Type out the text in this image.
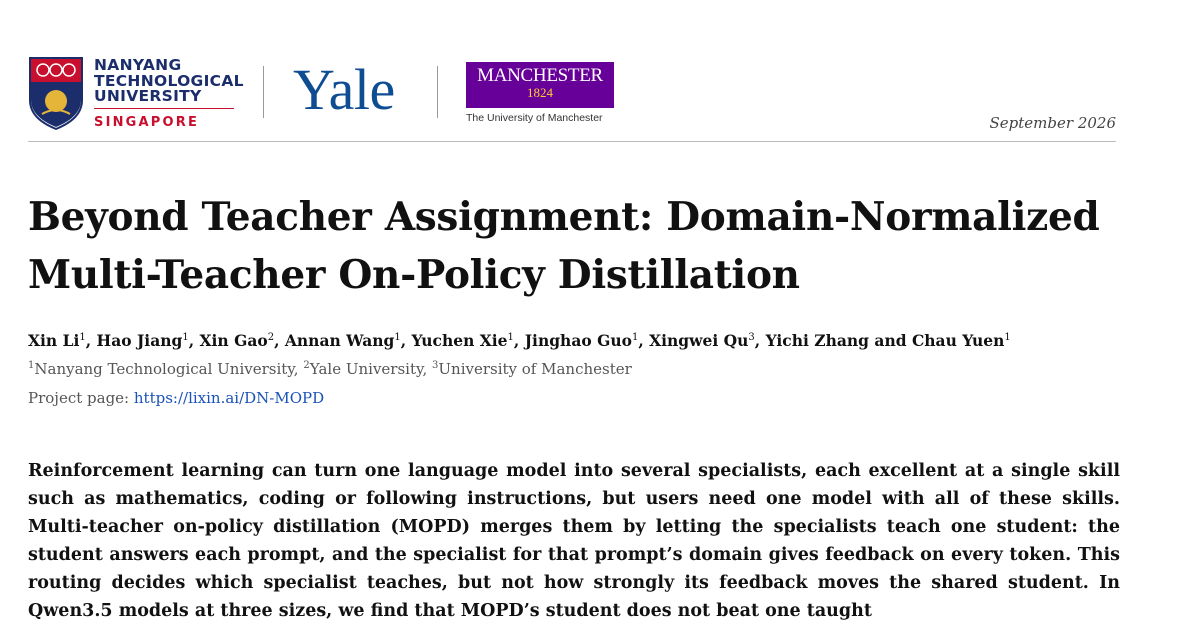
NANYANG
TECHNOLOGICAL
UNIVERSITY
SINGAPORE	Yale	MANCHESTER
1824
The University of Manchester	September 2026
Beyond Teacher Assignment: Domain-Normalized
Multi-Teacher On-Policy Distillation
Xin Li$^1$, Hao Jiang$^1$, Xin Gao$^2$, Annan Wang$^1$, Yuchen Xie$^1$, Jinghao Guo$^1$, Xingwei Qu$^3$, Yichi Zhang and Chau Yuen$^1$
$^1$Nanyang Technological University, $^2$Yale University, $^3$University of Manchester
Project page: https://lixin.ai/DN-MOPD
Reinforcement learning can turn one language model into several specialists, each excellent at a single skill such as mathematics, coding or following instructions, but users need one model with all of these skills. Multi-teacher on-policy distillation (MOPD) merges them by letting the specialists teach one student: the student answers each prompt, and the specialist for that prompt’s domain gives feedback on every token. This routing decides which specialist teaches, but not how strongly its feedback moves the shared student. In Qwen3.5 models at three sizes, we find that MOPD’s student does not beat one taught
